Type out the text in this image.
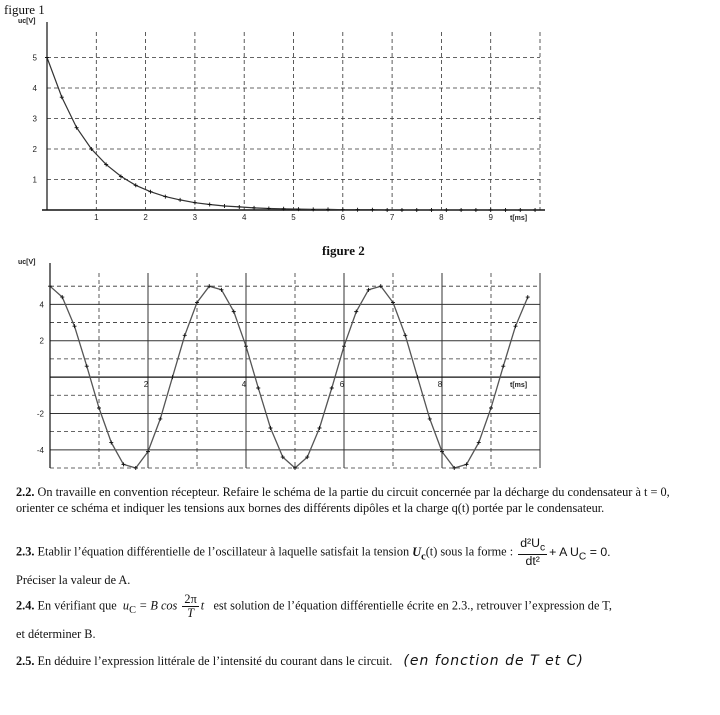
figure 1
figure 2
uc[V]
t[ms]
1
2
3
4
5
1	2	3	4	5	6	7	8	9
uc[V]
t[ms]
4
2
-2
-4
2	4	6	8
2.2. On travaille en convention récepteur. Refaire le schéma de la partie du circuit concernée par la décharge du condensateur à t = 0, orienter ce schéma et indiquer les tensions aux bornes des différents dipôles et la charge q(t) portée par le condensateur.
2.3. Etablir l’équation différentielle de l’oscillateur à laquelle satisfait la tension $U_c(t)$ sous la forme : $\frac{d^2U_c}{\text{dt²}} + A$ $U_C = 0$.
Préciser la valeur de A.
2.4. En vérifiant que $u_C = B$ $\cos \frac{2\pi}{T}$ t est solution de l’équation différentielle écrite en 2.3., retrouver l’expression de T,
et déterminer B.
2.5. En déduire l’expression littérale de l’intensité du courant dans le circuit. (en fonction de T et C)
